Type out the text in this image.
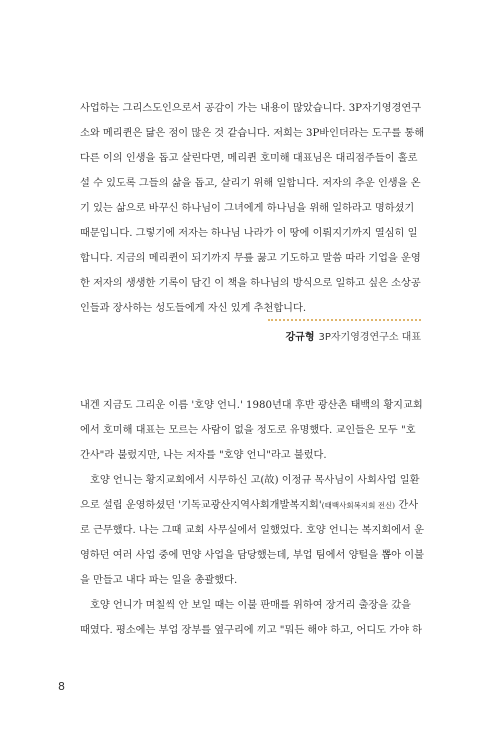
사업하는 그리스도인으로서 공감이 가는 내용이 많았습니다. 3P자기영경연구
소와 메리퀸은 닮은 점이 많은 것 같습니다. 저희는 3P바인더라는 도구를 통해
다른 이의 인생을 돕고 살린다면, 메리퀸 호미해 대표님은 대리점주들이 홀로
설 수 있도록 그들의 삶을 돕고, 살리기 위해 일합니다. 저자의 추운 인생을 온
기 있는 삶으로 바꾸신 하나님이 그녀에게 하나님을 위해 일하라고 명하셨기
때문입니다. 그렇기에 저자는 하나님 나라가 이 땅에 이뤄지기까지 열심히 일
합니다. 지금의 메리퀸이 되기까지 무릎 꿇고 기도하고 말씀 따라 기업을 운영
한 저자의 생생한 기록이 담긴 이 책을 하나님의 방식으로 일하고 싶은 소상공
인들과 장사하는 성도들에게 자신 있게 추천합니다.

강규형 3P자기영경연구소 대표

내겐 지금도 그리운 이름 '호양 언니.' 1980년대 후반 광산촌 태백의 황지교회
에서 호미해 대표는 모르는 사람이 없을 정도로 유명했다. 교인들은 모두 "호
간사"라 불렀지만, 나는 저자를 "호양 언니"라고 불렀다.

호양 언니는 황지교회에서 시무하신 고(故) 이정규 목사님이 사회사업 일환
으로 설립 운영하셨던 '기독교광산지역사회개발복지회'(태백사회복지회 전신) 간사
로 근무했다. 나는 그때 교회 사무실에서 일했었다. 호양 언니는 복지회에서 운
영하던 여러 사업 중에 면양 사업을 담당했는데, 부업 팀에서 양털을 뽑아 이불
을 만들고 내다 파는 일을 총괄했다.

호양 언니가 며칠씩 안 보일 때는 이불 판매를 위하여 장거리 출장을 갔을
때였다. 평소에는 부업 장부를 옆구리에 끼고 "뭐든 해야 하고, 어디도 가야 하

8
